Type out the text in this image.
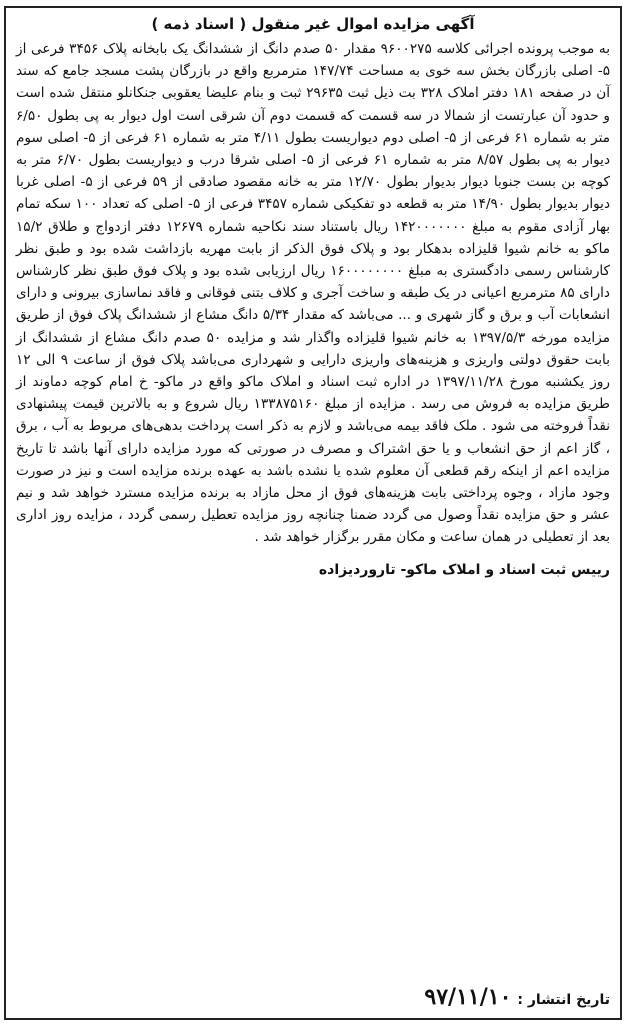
آگهی مزایده اموال غیر منقول ( اسناد ذمه )

به موجب پرونده اجرائی کلاسه ۹۶۰۰۲۷۵ مقدار ۵۰ صدم دانگ از ششدانگ یک بابخانه پلاک ۳۴۵۶ فرعی از ۵- اصلی بازرگان بخش سه خوی به مساحت ۱۴۷/۷۴ مترمربع واقع در بازرگان پشت مسجد جامع که سند آن در صفحه ۱۸۱ دفتر املاک ۳۲۸ بت ذیل ثبت ۲۹۶۳۵ ثبت و بنام علیضا یعقوبی جنکانلو منتقل شده است و حدود آن عبارتست از شمالا در سه قسمت که قسمت دوم آن شرقی است اول دیوار به پی بطول ۶/۵۰ متر به شماره ۶۱ فرعی از ۵- اصلی دوم دیواریست بطول ۴/۱۱ متر به شماره ۶۱ فرعی از ۵- اصلی سوم دیوار به پی بطول ۸/۵۷ متر به شماره ۶۱ فرعی از ۵- اصلی شرقا درب و دیواریست بطول ۶/۷۰ متر به کوچه بن بست جنوبا دیوار بدیوار بطول ۱۲/۷۰ متر به خانه مقصود صادقی از ۵۹ فرعی از ۵- اصلی غربا دیوار بدیوار بطول ۱۴/۹۰ متر به قطعه دو تفکیکی شماره ۳۴۵۷ فرعی از ۵- اصلی که تعداد ۱۰۰ سکه تمام بهار آزادی مقوم به مبلغ ۱۴۲۰۰۰۰۰۰۰ ریال باستناد سند نکاحیه شماره ۱۲۶۷۹ دفتر ازدواج و طلاق ۱۵/۲ ماکو به خانم شیوا قلیزاده بدهکار بود و پلاک فوق الذکر از بابت مهریه بازداشت شده بود و طبق نظر کارشناس رسمی دادگستری به مبلغ ۱۶۰۰۰۰۰۰۰۰ ریال ارزیابی شده بود و پلاک فوق طبق نظر کارشناس دارای ۸۵ مترمربع اعیانی در یک طبقه و ساخت آجری و کلاف بتنی فوقانی و فاقد نماسازی بیرونی و دارای انشعابات آب و برق و گاز شهری و ... می‌باشد که مقدار ۵/۳۴ دانگ مشاع از ششدانگ پلاک فوق از طریق مزایده مورخه ۱۳۹۷/۵/۳ به خانم شیوا قلیزاده واگذار شد و مزایده ۵۰ صدم دانگ مشاع از ششدانگ از بابت حقوق دولتی واریزی و هزینه‌های واریزی دارایی و شهرداری می‌باشد پلاک فوق از ساعت ۹ الی ۱۲ روز یکشنبه مورخ ۱۳۹۷/۱۱/۲۸ در اداره ثبت اسناد و املاک ماکو واقع در ماکو- خ امام کوچه دماوند از طریق مزایده به فروش می رسد . مزایده از مبلغ ۱۳۳۸۷۵۱۶۰ ریال شروع و به بالاترین قیمت پیشنهادی نقداً فروخته می شود . ملک فاقد بیمه می‌باشد و لازم به ذکر است پرداخت بدهی‌های مربوط به آب ، برق ، گاز اعم از حق انشعاب و یا حق اشتراک و مصرف در صورتی که مورد مزایده دارای آنها باشد تا تاریخ مزایده اعم از اینکه رقم قطعی آن معلوم شده یا نشده باشد به عهده برنده مزایده است و نیز در صورت وجود مازاد ، وجوه پرداختی بابت هزینه‌های فوق از محل مازاد به برنده مزایده مسترد خواهد شد و نیم عشر و حق مزایده نقداً وصول می گردد ضمنا چنانچه روز مزایده تعطیل رسمی گردد ، مزایده روز اداری بعد از تعطیلی در همان ساعت و مکان مقرر برگزار خواهد شد .

رییس ثبت اسناد و املاک ماکو- تاروردیزاده
تاریخ انتشار :
۹۷/۱۱/۱۰
